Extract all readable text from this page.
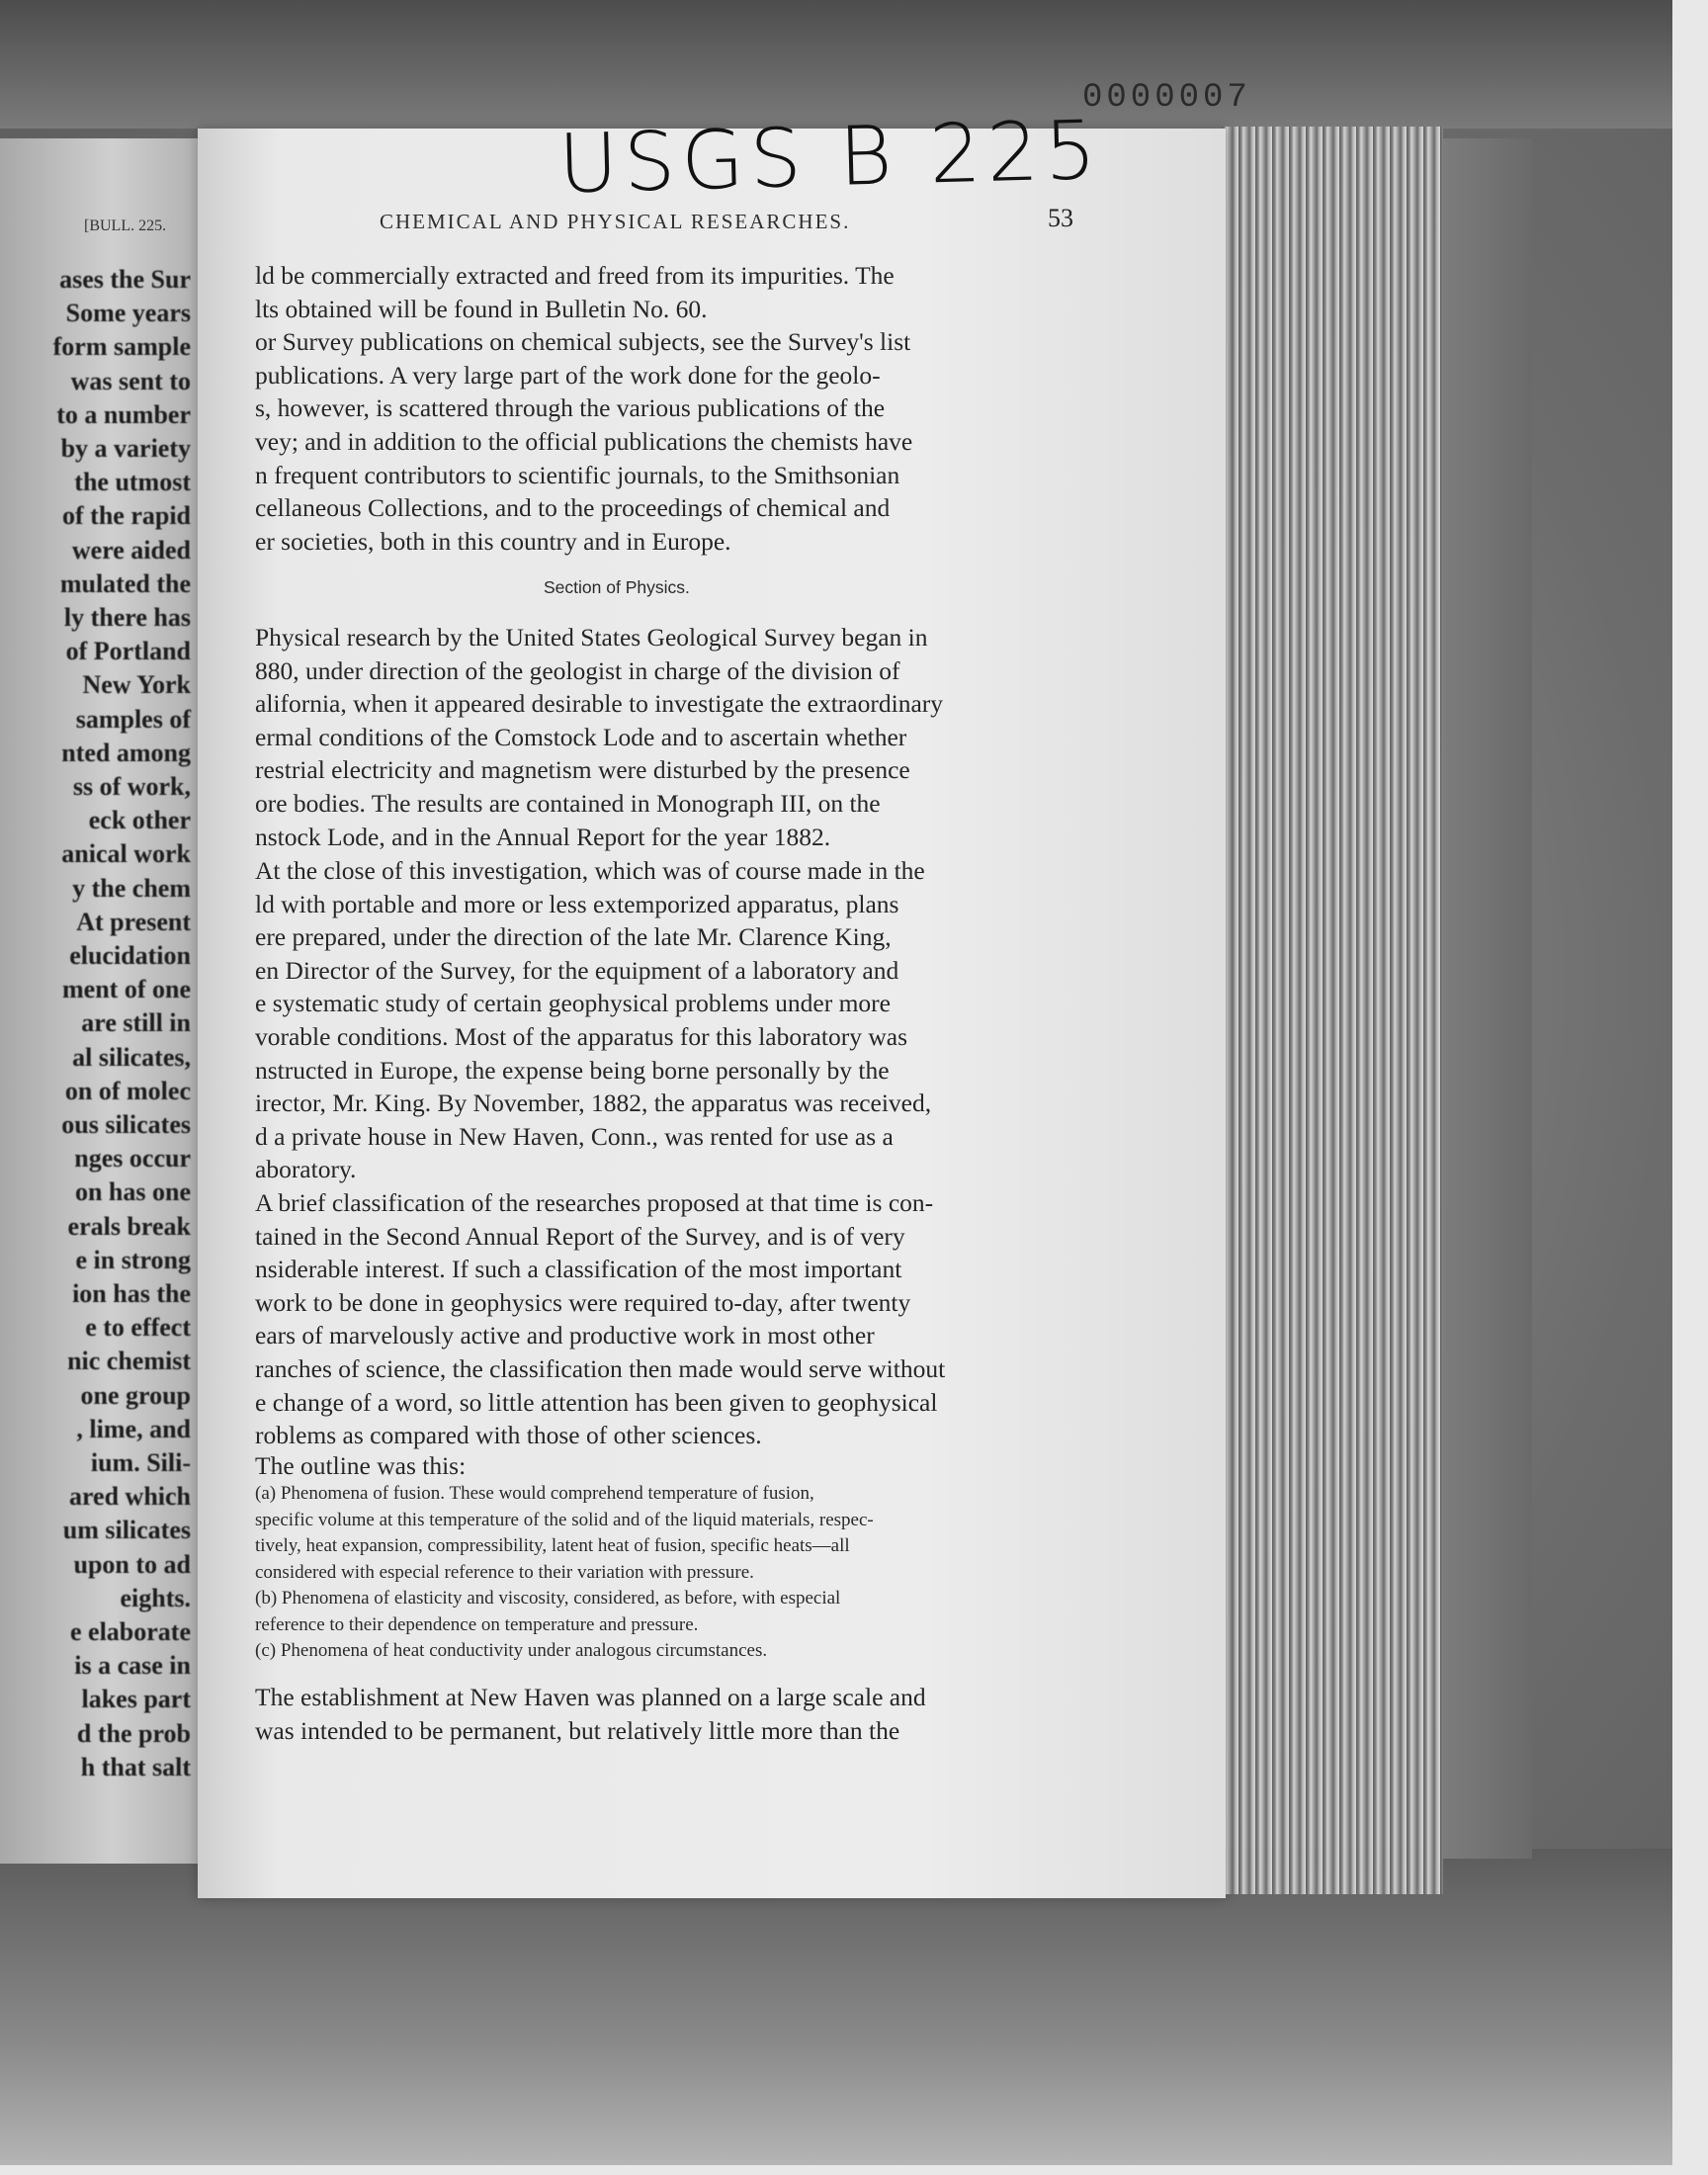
[BULL. 225.
ases the Sur
Some years
form sample
was sent to
to a number
by a variety
the utmost
of the rapid
were aided
mulated the
ly there has
of Portland
New York
samples of
nted among
ss of work,
eck other
anical work
y the chem
At present
elucidation
ment of one
are still in
al silicates,
on of molec
ous silicates
nges occur
on has one
erals break
e in strong
ion has the
e to effect
nic chemist
one group
, lime, and
ium. Sili-
ared which
um silicates
upon to ad
eights.
e elaborate
is a case in
lakes part
d the prob
h that salt
0000007
USGS B 225
CHEMICAL AND PHYSICAL RESEARCHES.	53

ld be commercially extracted and freed from its impurities. The
lts obtained will be found in Bulletin No. 60.
or Survey publications on chemical subjects, see the Survey's list
publications. A very large part of the work done for the geolo-
s, however, is scattered through the various publications of the
vey; and in addition to the official publications the chemists have
n frequent contributors to scientific journals, to the Smithsonian
cellaneous Collections, and to the proceedings of chemical and
er societies, both in this country and in Europe.

Section of Physics.

Physical research by the United States Geological Survey began in
880, under direction of the geologist in charge of the division of
alifornia, when it appeared desirable to investigate the extraordinary
ermal conditions of the Comstock Lode and to ascertain whether
restrial electricity and magnetism were disturbed by the presence
ore bodies. The results are contained in Monograph III, on the
nstock Lode, and in the Annual Report for the year 1882.

At the close of this investigation, which was of course made in the
ld with portable and more or less extemporized apparatus, plans
ere prepared, under the direction of the late Mr. Clarence King,
en Director of the Survey, for the equipment of a laboratory and
e systematic study of certain geophysical problems under more
vorable conditions. Most of the apparatus for this laboratory was
nstructed in Europe, the expense being borne personally by the
irector, Mr. King. By November, 1882, the apparatus was received,
d a private house in New Haven, Conn., was rented for use as a
aboratory.

A brief classification of the researches proposed at that time is con-
tained in the Second Annual Report of the Survey, and is of very
nsiderable interest. If such a classification of the most important
work to be done in geophysics were required to-day, after twenty
ears of marvelously active and productive work in most other
ranches of science, the classification then made would serve without
e change of a word, so little attention has been given to geophysical
roblems as compared with those of other sciences.

The outline was this:

(a) Phenomena of fusion. These would comprehend temperature of fusion,
specific volume at this temperature of the solid and of the liquid materials, respec-
tively, heat expansion, compressibility, latent heat of fusion, specific heats—all
considered with especial reference to their variation with pressure.
(b) Phenomena of elasticity and viscosity, considered, as before, with especial
reference to their dependence on temperature and pressure.
(c) Phenomena of heat conductivity under analogous circumstances.

The establishment at New Haven was planned on a large scale and
was intended to be permanent, but relatively little more than the
